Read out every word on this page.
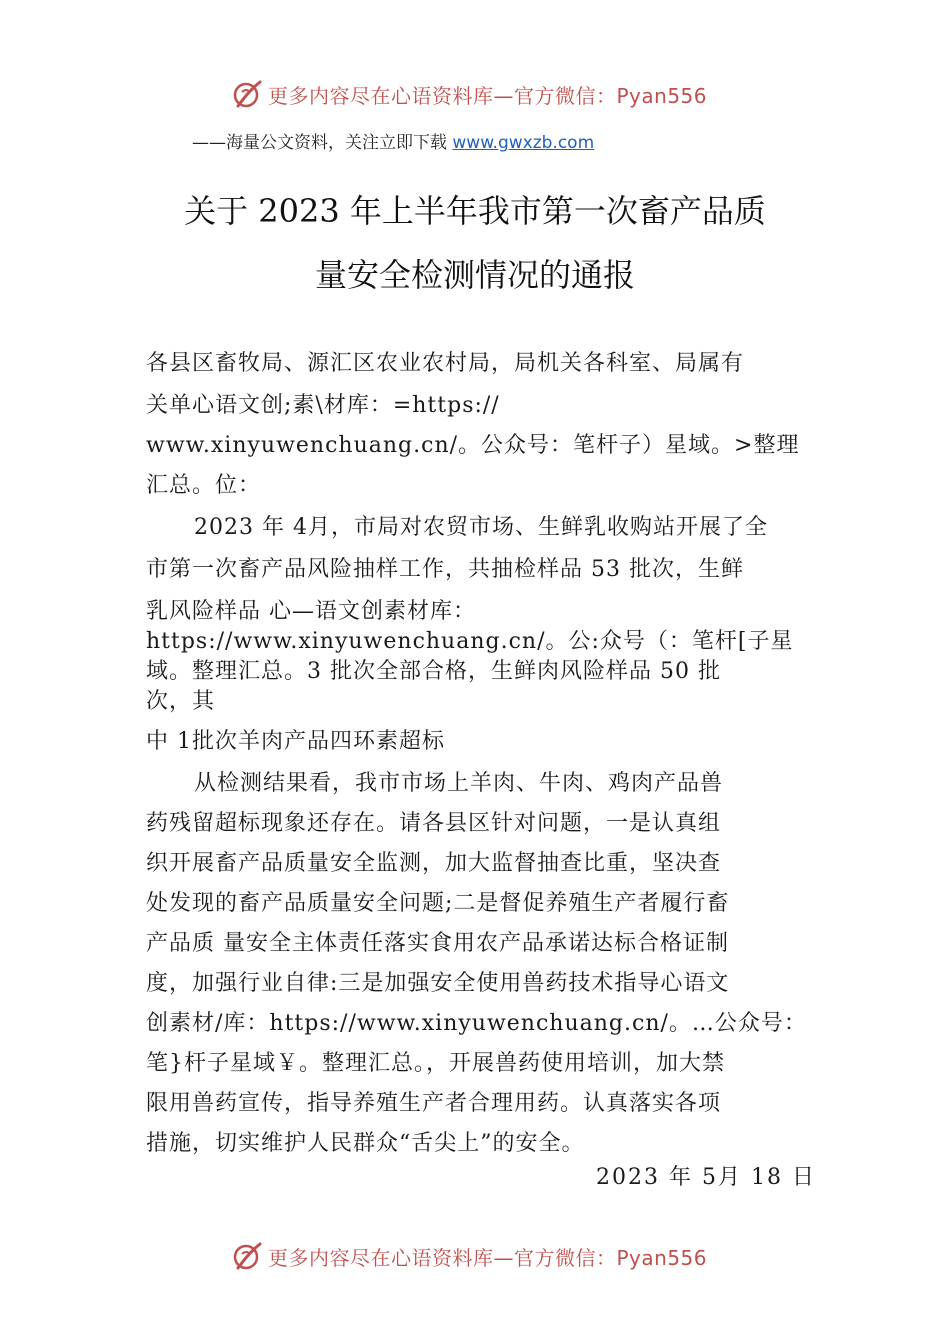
更多内容尽在心语资料库—官方微信：Pyan556
——海量公文资料，关注立即下载 www.gwxzb.com
关于 2023 年上半年我市第一次畜产品质
量安全检测情况的通报
各县区畜牧局、源汇区农业农村局，局机关各科室、局属有
关单心语文创;素\材库：=https://
www.xinyuwenchuang.cn/。公众号：笔杆子）星域。>整理
汇总。位：
2023 年 4月，市局对农贸市场、生鲜乳收购站开展了全
市第一次畜产品风险抽样工作，共抽检样品 53 批次，生鲜
乳风险样品 心—语文创素材库：
https://www.xinyuwenchuang.cn/。公:众号（：笔杆[子星
域。整理汇总。3 批次全部合格，生鲜肉风险样品 50 批
次，其
中 1批次羊肉产品四环素超标
从检测结果看，我市市场上羊肉、牛肉、鸡肉产品兽
药残留超标现象还存在。请各县区针对问题，一是认真组
织开展畜产品质量安全监测，加大监督抽查比重，坚决查
处发现的畜产品质量安全问题;二是督促养殖生产者履行畜
产品质 量安全主体责任落实食用农产品承诺达标合格证制
度，加强行业自律:三是加强安全使用兽药技术指导心语文
创素材/库：https://www.xinyuwenchuang.cn/。…公众号：
笔}杆子星域￥。整理汇总。，开展兽药使用培训，加大禁
限用兽药宣传，指导养殖生产者合理用药。认真落实各项
措施，切实维护人民群众“舌尖上”的安全。
2023 年 5月 18 日
更多内容尽在心语资料库—官方微信：Pyan556
